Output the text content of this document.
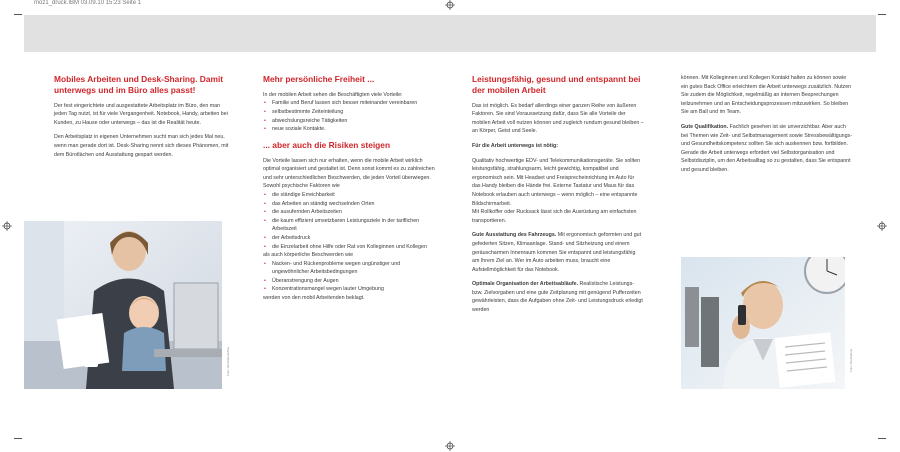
moz1_druck.IBM 03.09.10 15:23 Seite 1
Mobiles Arbeiten und Desk-Sharing. Damit unterwegs und im Büro alles passt!

Der fest eingerichtete und ausgestattete Arbeitsplatz im Büro, den man jeden Tag nutzt, ist für viele Vergangenheit. Notebook, Handy, arbeiten bei Kunden, zu Hause oder unterwegs – das ist die Realität heute.

Den Arbeitsplatz in eigenen Unternehmen sucht man sich jedes Mal neu, wenn man gerade dort ist. Desk-Sharing nennt sich dieses Phänomen, mit dem Bürotlächen und Ausstattung gespart werden.

Foto: iStockphoto/foto
Mehr persönliche Freiheit ...

In der mobilen Arbeit sehen die Beschäftigten viele Vorteile:

• Familie und Beruf lassen sich besser miteinander vereinbaren
• selbstbestimmte Zeiteinteilung
• abwechslungsreiche Tätigkeiten
• neue soziale Kontakte.
... aber auch die Risiken steigen

Die Vorteile lassen sich nur erhalten, wenn die mobile Arbeit wirklich optimal organisiert und gestaltet ist. Denn sonst kommt es zu zahlreichen und sehr unterschiedlichen Beschwerden, die jeden Vorteil überwiegen. Sowohl psychische Faktoren wie

• die ständige Erreichbarkeit
• das Arbeiten an ständig wechselnden Orten
• die ausufernden Arbeitszeiten
• die kaum effizient umsetzbaren Leistungsziele in der tariflichen Arbeitszeit
• der Arbeitsdruck
• die Einzelarbeit ohne Hilfe oder Rat von Kolleginnen und Kollegen

als auch körperliche Beschwerden wie

• Nacken- und Rückenprobleme wegen ungünstiger und ungewöhnlicher Arbeitsbedingungen
• Überanstrengung der Augen
• Konzentrationsmangel wegen lauter Umgebung

werden von den mobil Arbeitenden beklagt.

Leistungsfähig, gesund und entspannt bei der mobilen Arbeit

Das ist möglich. Es bedarf allerdings einer ganzen Reihe von äußeren Faktoren. Sie sind Voraussetzung dafür, dass Sie alle Vorteile der mobilen Arbeit voll nutzen können und zugleich rundum gesund bleiben – an Körper, Geist und Seele.

Für die Arbeit unterwegs ist nötig:

Qualitativ hochwertige EDV- und Telekommunikationsgeräte. Sie sollten leistungsfähig, strahlungsarm, leicht gewichtig, kompatibel und ergonomisch sein. Mit Headset und Freisprecheinrichtung im Auto für das Handy bleiben die Hände frei. Externe Tastatur und Maus für das Notebook erlauben auch unterwegs – wenn möglich – eine entspannte Bildschirmarbeit.

Mit Rollkoffer oder Rucksack lässt sich die Ausrüstung am einfachsten transportieren.

Gute Ausstattung des Fahrzeugs. Mit ergonomisch geformten und gut gefederten Sitzen, Klimaanlage. Stand- und Sitzheizung und einem geräuscharmen Innenraum kommen Sie entspannt und leistungsfähig am Ihrem Ziel an. Wer im Auto arbeiten muss, braucht eine Aufstellmöglichkeit für das Notebook.

Optimale Organisation der Arbeitsabläufe. Realistische Leistungs- bzw. Zielvorgaben und eine gute Zeitplanung mit genügend Pufferzeiten gewährleisten, dass die Aufgaben ohne Zeit- und Leistungsdruck erledigt werden

können. Mit Kolleginnen und Kollegen Kontakt halten zu können sowie ein gutes Back Office erleichtern die Arbeit unterwegs zusätzlich. Nutzen Sie zudem die Möglichkeit, regelmäßig an internen Besprechungen teilzunehmen und an Entscheidungsprozessen mitzuwirken. So bleiben Sie am Ball und im Team.

Gute Qualifikation. Fachlich gesehen ist sie unverzichtbar. Aber auch bei Themen wie Zeit- und Selbstmanagement sowie Stressbewältigungs- und Gesundheitskompetenz sollten Sie sich auskennen bzw. fortbilden. Gerade die Arbeit unterwegs erfordert viel Selbstorganisation und Selbstdisziplin, um den Arbeitsalltag so zu gestalten, dass Sie entspannt und gesund bleiben.

Foto: iStockphoto
